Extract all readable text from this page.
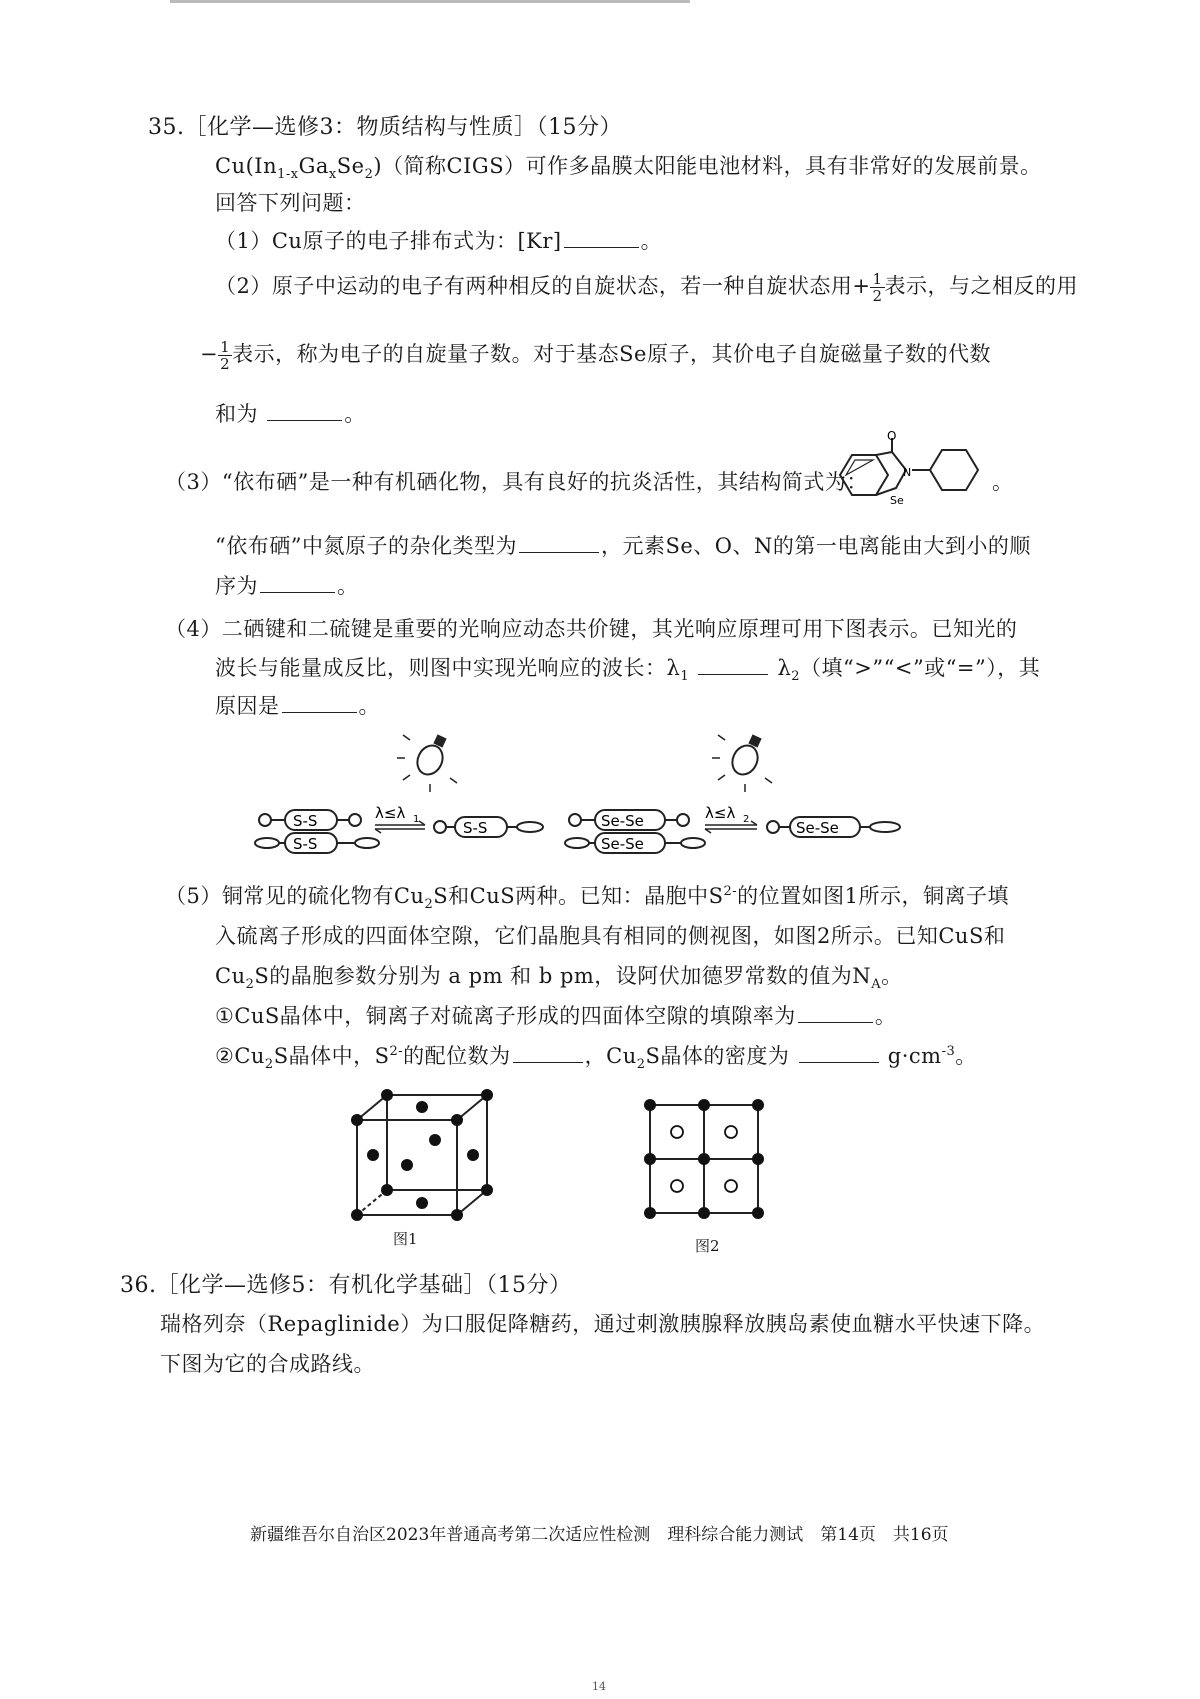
35.［化学—选修3：物质结构与性质］（15分）
$Cu(In_{1-x}Ga_xSe_2)$（简称CIGS）可作多晶膜太阳能电池材料，具有非常好的发展前景。
回答下列问题：
（1）Cu原子的电子排布式为：[Kr]	。
（2）原子中运动的电子有两种相反的自旋状态，若一种自旋状态用+ $\frac{1}{2}$ 表示，与之相反的用
− $\frac{1}{2}$ 表示，称为电子的自旋量子数。对于基态Se原子，其价电子自旋磁量子数的代数
和为	。
（3）“依布硒”是一种有机硒化物，具有良好的抗炎活性，其结构简式为：
O
N
Se
。
“依布硒”中氮原子的杂化类型为	，元素Se、O、N的第一电离能由大到小的顺
序为	。
（4）二硒键和二硫键是重要的光响应动态共价键，其光响应原理可用下图表示。已知光的
波长与能量成反比，则图中实现光响应的波长：$\lambda_1$	$\lambda_2$（填“>”“<”或“=”），其
原因是	。
S-S
S-S
λ≤λ 1	S-S	Se-Se
Se-Se
λ≤λ 2	Se-Se
（5）铜常见的硫化物有$Cu_2S$和CuS两种。已知：晶胞中$S^{2-}$的位置如图1所示，铜离子填
入硫离子形成的四面体空隙，它们晶胞具有相同的侧视图，如图2所示。已知CuS和
$Cu_2S$的晶胞参数分别为 a pm 和 b pm，设阿伏加德罗常数的值为$N_A$。
①CuS晶体中，铜离子对硫离子形成的四面体空隙的填隙率为	。
$②Cu_2S$晶体中，$S^{2-}$的配位数为	，$Cu_2S$晶体的密度为	$g\cdot cm^{-3}$。
图1	图2
36.［化学—选修5：有机化学基础］（15分）
瑞格列奈（Repaglinide）为口服促降糖药，通过刺激胰腺释放胰岛素使血糖水平快速下降。
下图为它的合成路线。
新疆维吾尔自治区2023年普通高考第二次适应性检测　理科综合能力测试　第14页　共16页
14
